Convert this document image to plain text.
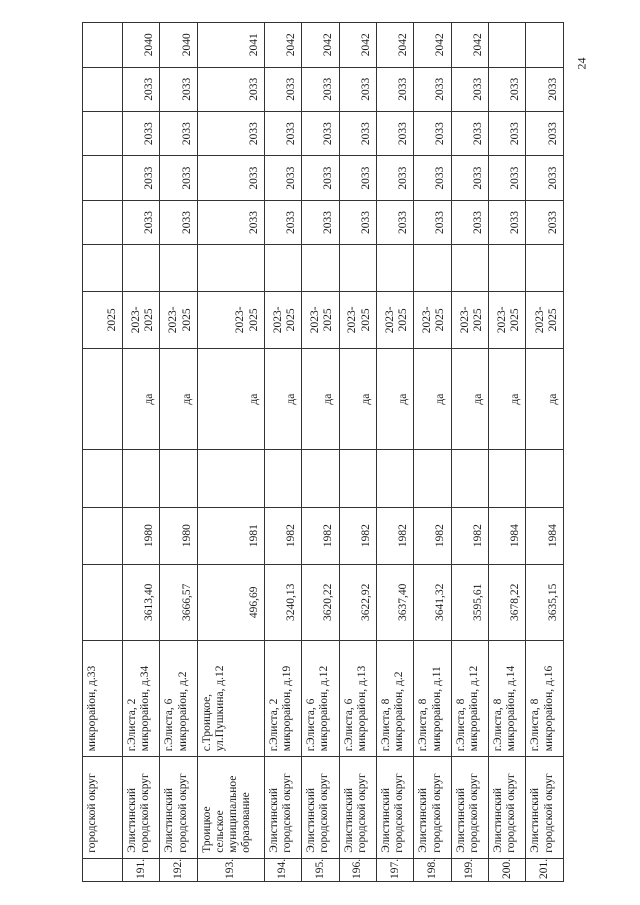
24
	городской округ	микрорайон, д.33					2025						
191.	Элистинский городской округ	г.Элиста, 2 микрорайон, д.34	3613,40	1980		да	2023-2025		2033	2033	2033	2033	2040
192.	Элистинский городской округ	г.Элиста, 6 микрорайон, д.2	3666,57	1980		да	2023-2025		2033	2033	2033	2033	2040
193.	Троицкое сельское муниципальное образование	с.Троицкое, ул.Пушкина, д.12	496,69	1981		да	2023-2025		2033	2033	2033	2033	2041
194.	Элистинский городской округ	г.Элиста, 2 микрорайон, д.19	3240,13	1982		да	2023-2025		2033	2033	2033	2033	2042
195.	Элистинский городской округ	г.Элиста, 6 микрорайон, д.12	3620,22	1982		да	2023-2025		2033	2033	2033	2033	2042
196.	Элистинский городской округ	г.Элиста, 6 микрорайон, д.13	3622,92	1982		да	2023-2025		2033	2033	2033	2033	2042
197.	Элистинский городской округ	г.Элиста, 8 микрорайон, д.2	3637,40	1982		да	2023-2025		2033	2033	2033	2033	2042
198.	Элистинский городской округ	г.Элиста, 8 микрорайон, д.11	3641,32	1982		да	2023-2025		2033	2033	2033	2033	2042
199.	Элистинский городской округ	г.Элиста, 8 микрорайон, д.12	3595,61	1982		да	2023-2025		2033	2033	2033	2033	2042
200.	Элистинский городской округ	г.Элиста, 8 микрорайон, д.14	3678,22	1984		да	2023-2025		2033	2033	2033	2033	
201.	Элистинский городской округ	г.Элиста, 8 микрорайон, д.16	3635,15	1984		да	2023-2025		2033	2033	2033	2033	
